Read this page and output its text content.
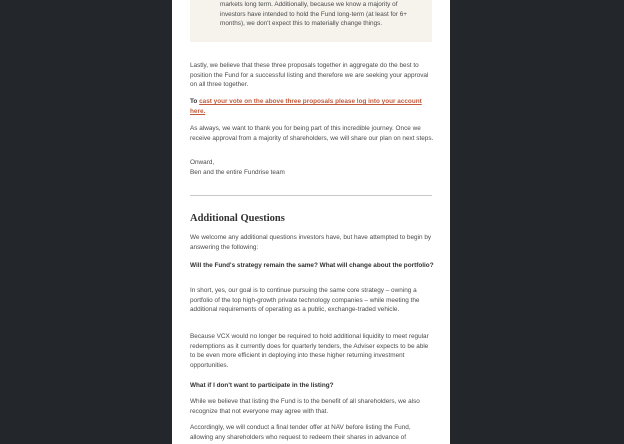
markets long term. Additionally, because we know a majority of investors have intended to hold the Fund long-term (at least for 6+ months), we don't expect this to materially change things.

Lastly, we believe that these three proposals together in aggregate do the best to position the Fund for a successful listing and therefore we are seeking your approval on all three together.

To cast your vote on the above three proposals please log into your account here.

As always, we want to thank you for being part of this incredible journey. Once we receive approval from a majority of shareholders, we will share our plan on next steps.

Onward,

Ben and the entire Fundrise team

Additional Questions

We welcome any additional questions investors have, but have attempted to begin by answering the following:

Will the Fund's strategy remain the same? What will change about the portfolio?

In short, yes, our goal is to continue pursuing the same core strategy – owning a portfolio of the top high-growth private technology companies – while meeting the additional requirements of operating as a public, exchange-traded vehicle.

Because VCX would no longer be required to hold additional liquidity to meet regular redemptions as it currently does for quarterly tenders, the Adviser expects to be able to be even more efficient in deploying into these higher returning investment opportunities.

What if I don't want to participate in the listing?

While we believe that listing the Fund is to the benefit of all shareholders, we also recognize that not everyone may agree with that.

Accordingly, we will conduct a final tender offer at NAV before listing the Fund, allowing any shareholders who request to redeem their shares in advance of
